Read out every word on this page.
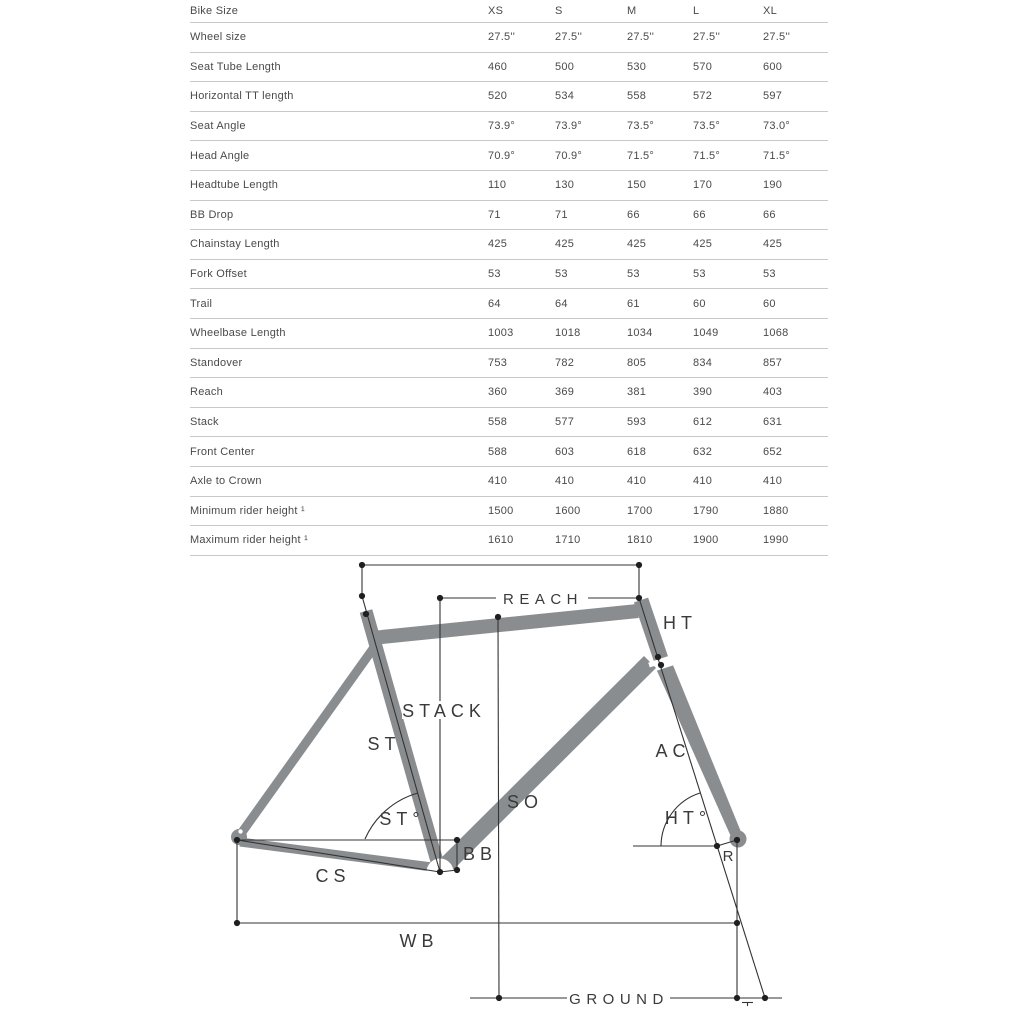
Bike Size	XS	S	M	L	XL
Wheel size	27.5''	27.5''	27.5''	27.5''	27.5''
Seat Tube Length	460	500	530	570	600
Horizontal TT length	520	534	558	572	597
Seat Angle	73.9°	73.9°	73.5°	73.5°	73.0°
Head Angle	70.9°	70.9°	71.5°	71.5°	71.5°
Headtube Length	110	130	150	170	190
BB Drop	71	71	66	66	66
Chainstay Length	425	425	425	425	425
Fork Offset	53	53	53	53	53
Trail	64	64	61	60	60
Wheelbase Length	1003	1018	1034	1049	1068
Standover	753	782	805	834	857
Reach	360	369	381	390	403
Stack	558	577	593	612	631
Front Center	588	603	618	632	652
Axle to Crown	410	410	410	410	410
Minimum rider height ¹	1500	1600	1700	1790	1880
Maximum rider height ¹	1610	1710	1810	1900	1990
REACH
STACK
ST
ST°
BB
CS
WB
SO
HT
AC
HT°
R
GROUND
